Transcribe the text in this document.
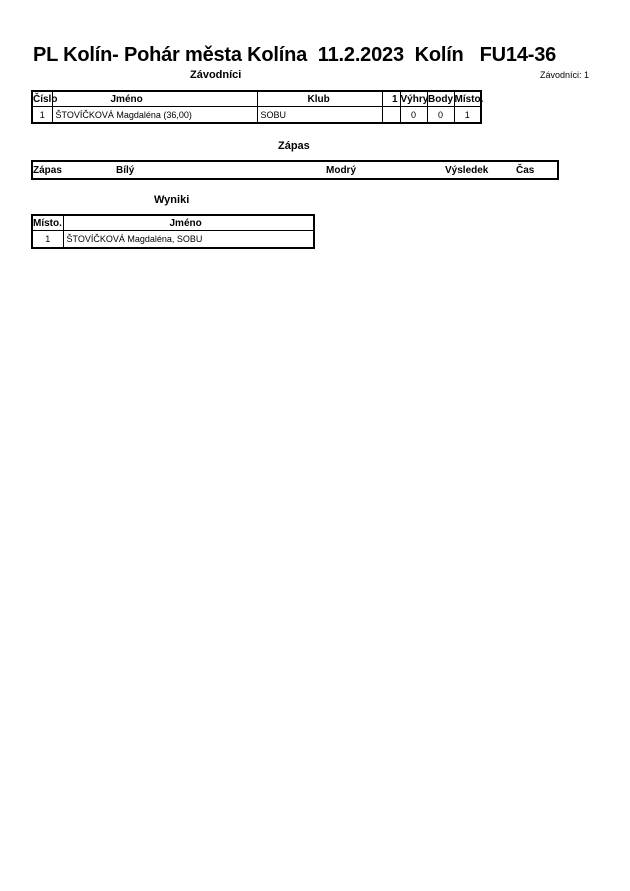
PL Kolín- Pohár města Kolína  11.2.2023  Kolín   FU14-36
Závodníci: 1
Závodníci
Číslo	Jméno	Klub	1	Výhry	Body	Místo.
1	ŠTOVÍČKOVÁ Magdaléna (36,00)	SOBU		0	0	1
Zápas
Zápas	Bílý	Modrý	Výsledek	Čas
Wyniki
Místo.	Jméno
1	ŠTOVÍČKOVÁ Magdaléna, SOBU
